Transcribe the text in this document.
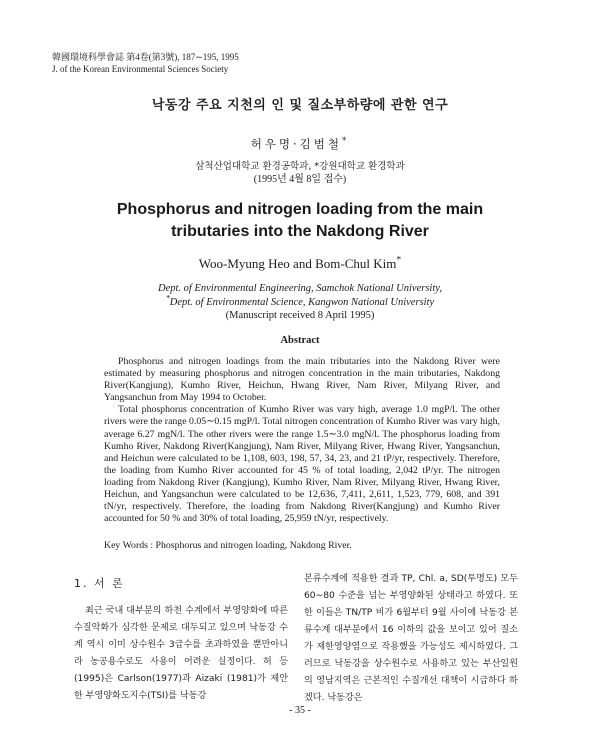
韓國環境科學會誌 第4卷(第3號), 187∼195, 1995
J. of the Korean Environmental Sciences Society
낙동강 주요 지천의 인 및 질소부하량에 관한 연구
허우명·김범철*
삼척산업대학교 환경공학과, *강원대학교 환경학과
(1995년 4월 8일 접수)
Phosphorus and nitrogen loading from the main
tributaries into the Nakdong River
Woo-Myung Heo and Bom-Chul Kim*
Dept. of Environmental Engineering, Samchok National University,
*Dept. of Environmental Science, Kangwon National University
(Manuscript received 8 April 1995)
Abstract

Phosphorus and nitrogen loadings from the main tributaries into the Nakdong River were estimated by measuring phosphorus and nitrogen concentration in the main tributaries, Nakdong River(Kangjung), Kumho River, Heichun, Hwang River, Nam River, Milyang River, and Yangsanchun from May 1994 to October.

Total phosphorus concentration of Kumho River was vary high, average 1.0 mgP/l. The other rivers were the range 0.05∼0.15 mgP/l. Total nitrogen concentration of Kumho River was vary high, average 6.27 mgN/l. The other rivers were the range 1.5∼3.0 mgN/l. The phosphorus loading from Kumho River, Nakdong River(Kangjung), Nam River, Milyang River, Hwang River, Yangsanchun, and Heichun were calculated to be 1,108, 603, 198, 57, 34, 23, and 21 tP/yr, respectively. Therefore, the loading from Kumho River accounted for 45 % of total loading, 2,042 tP/yr. The nitrogen loading from Nakdong River (Kangjung), Kumho River, Nam River, Milyang River, Hwang River, Heichun, and Yangsanchun were calculated to be 12,636, 7,411, 2,611, 1,523, 779, 608, and 391 tN/yr, respectively. Therefore, the loading from Nakdong River(Kangjung) and Kumho River accounted for 50 % and 30% of total loading, 25,959 tN/yr, respectively.

Key Words : Phosphorus and nitrogen loading, Nakdong River.
1. 서 론

최근 국내 대부분의 하천 수계에서 부영양화에 따른 수질악화가 심각한 문제로 대두되고 있으며 낙동강 수계 역시 이미 상수원수 3급수를 초과하였을 뿐만아니라 농공용수로도 사용이 어려운 실정이다. 허 등(1995)은 Carlson(1977)과 Aizaki (1981)가 제안한 부영양화도지수(TSI)를 낙동강

본류수계에 적용한 결과 TP, Chl. a, SD(투명도) 모두 60∼80 수준을 넘는 부영양화된 상태라고 하였다. 또한 이들은 TN/TP 비가 6월부터 9월 사이에 낙동강 본류수계 대부분에서 16 이하의 값을 보이고 있어 질소가 제한영양염으로 작용했을 가능성도 제시하였다. 그러므로 낙동강을 상수원수로 사용하고 있는 부산일원의 영남지역은 근본적인 수질개선 대책이 시급하다 하겠다. 낙동강은

- 35 -
